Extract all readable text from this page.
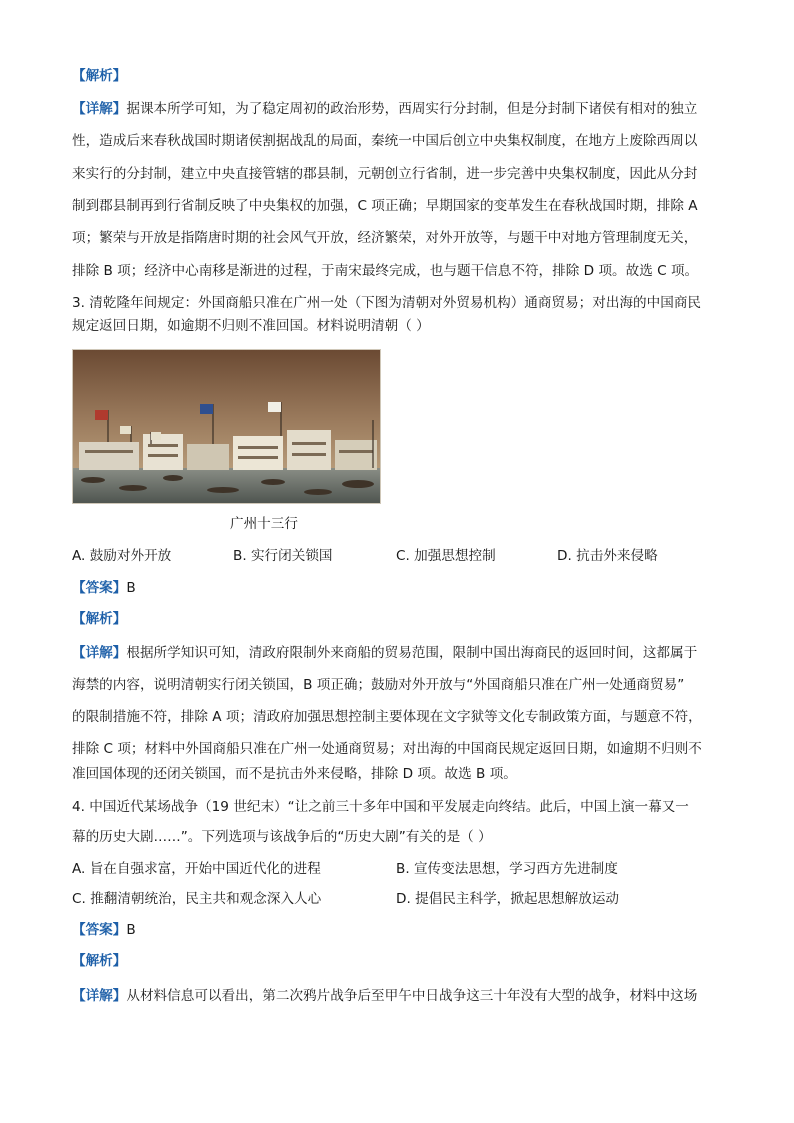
【解析】
【详解】据课本所学可知，为了稳定周初的政治形势，西周实行分封制，但是分封制下诸侯有相对的独立
性，造成后来春秋战国时期诸侯割据战乱的局面，秦统一中国后创立中央集权制度，在地方上废除西周以
来实行的分封制，建立中央直接管辖的郡县制，元朝创立行省制，进一步完善中央集权制度，因此从分封
制到郡县制再到行省制反映了中央集权的加强，C 项正确；早期国家的变革发生在春秋战国时期，排除 A
项；繁荣与开放是指隋唐时期的社会风气开放，经济繁荣，对外开放等，与题干中对地方管理制度无关，
排除 B 项；经济中心南移是渐进的过程，于南宋最终完成，也与题干信息不符，排除 D 项。故选 C 项。
3. 清乾隆年间规定：外国商船只准在广州一处（下图为清朝对外贸易机构）通商贸易；对出海的中国商民
规定返回日期，如逾期不归则不准回国。材料说明清朝（ ）
广州十三行
A. 鼓励对外开放	B. 实行闭关锁国	C. 加强思想控制	D. 抗击外来侵略
【答案】B
【解析】
【详解】根据所学知识可知，清政府限制外来商船的贸易范围，限制中国出海商民的返回时间，这都属于
海禁的内容，说明清朝实行闭关锁国，B 项正确；鼓励对外开放与“外国商船只准在广州一处通商贸易”
的限制措施不符，排除 A 项；清政府加强思想控制主要体现在文字狱等文化专制政策方面，与题意不符，
排除 C 项；材料中外国商船只准在广州一处通商贸易；对出海的中国商民规定返回日期，如逾期不归则不
准回国体现的还闭关锁国，而不是抗击外来侵略，排除 D 项。故选 B 项。
4. 中国近代某场战争（19 世纪末）“让之前三十多年中国和平发展走向终结。此后，中国上演一幕又一
幕的历史大剧……”。下列选项与该战争后的“历史大剧”有关的是（ ）
A. 旨在自强求富，开始中国近代化的进程	B. 宣传变法思想，学习西方先进制度
C. 推翻清朝统治，民主共和观念深入人心	D. 提倡民主科学，掀起思想解放运动
【答案】B
【解析】
【详解】从材料信息可以看出，第二次鸦片战争后至甲午中日战争这三十年没有大型的战争，材料中这场
